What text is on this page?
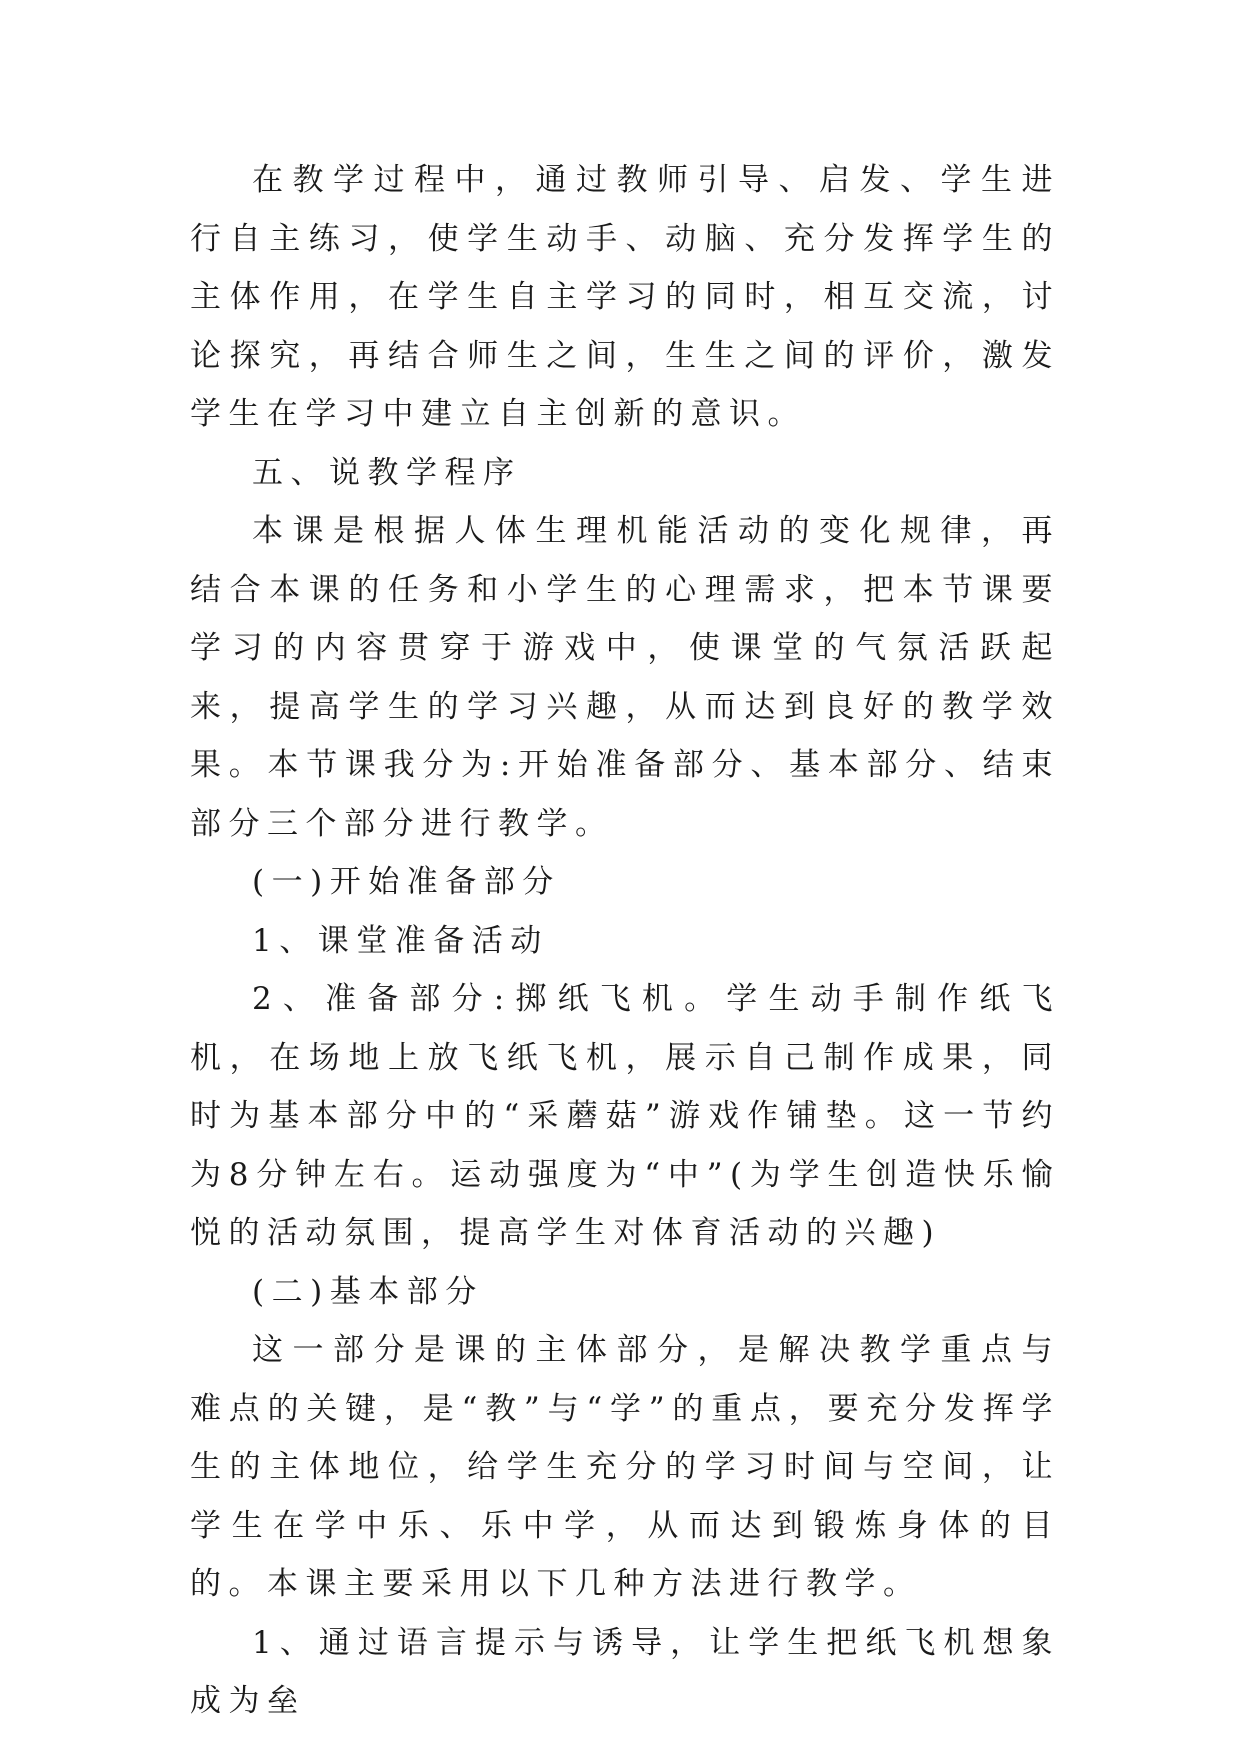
在教学过程中，通过教师引导、启发、学生进行自主练习，使学生动手、动脑、充分发挥学生的主体作用，在学生自主学习的同时，相互交流，讨论探究，再结合师生之间，生生之间的评价，激发学生在学习中建立自主创新的意识。

五、说教学程序

本课是根据人体生理机能活动的变化规律，再结合本课的任务和小学生的心理需求，把本节课要学习的内容贯穿于游戏中，使课堂的气氛活跃起来，提高学生的学习兴趣，从而达到良好的教学效果。本节课我分为:开始准备部分、基本部分、结束部分三个部分进行教学。

(一)开始准备部分

1、课堂准备活动

2、准备部分:掷纸飞机。学生动手制作纸飞机，在场地上放飞纸飞机，展示自己制作成果，同时为基本部分中的“采蘑菇”游戏作铺垫。这一节约为8分钟左右。运动强度为“中”(为学生创造快乐愉悦的活动氛围，提高学生对体育活动的兴趣)

(二)基本部分

这一部分是课的主体部分，是解决教学重点与难点的关键，是“教”与“学”的重点，要充分发挥学生的主体地位，给学生充分的学习时间与空间，让学生在学中乐、乐中学，从而达到锻炼身体的目的。本课主要采用以下几种方法进行教学。

1、通过语言提示与诱导，让学生把纸飞机想象成为垒
